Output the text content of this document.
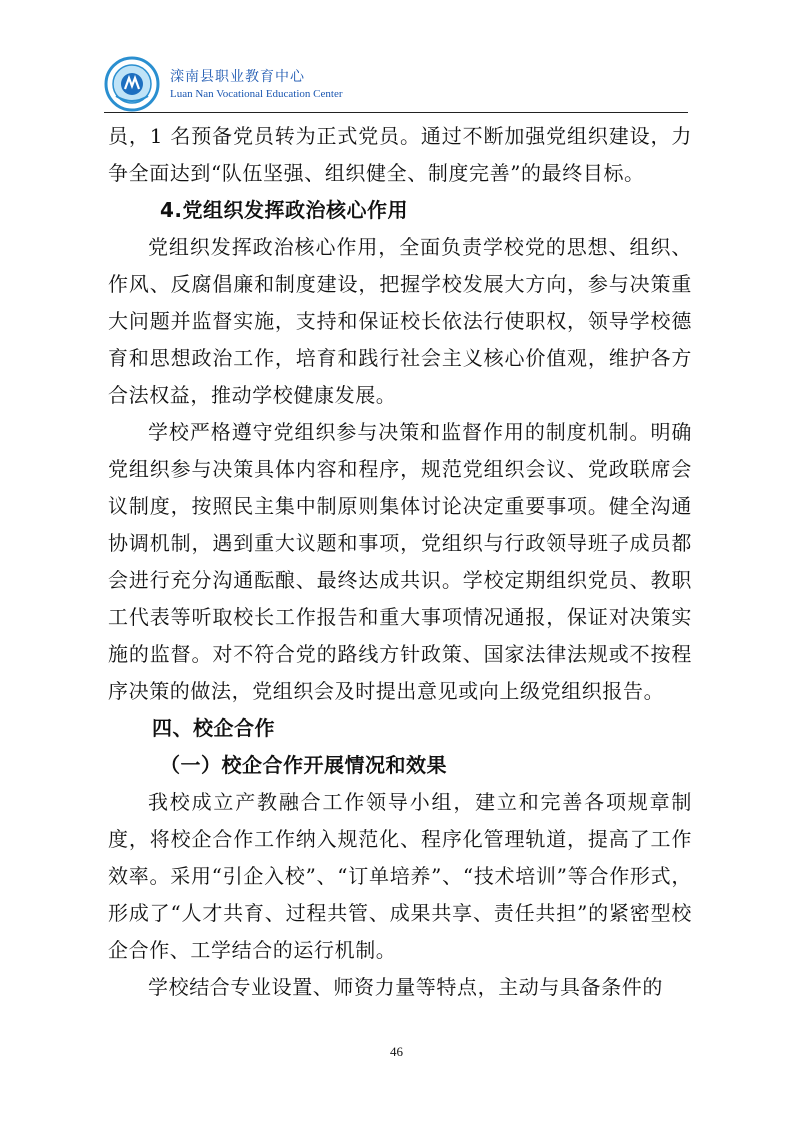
滦南县职业教育中心
Luan Nan Vocational Education Center

员，1 名预备党员转为正式党员。通过不断加强党组织建设，力争全面达到“队伍坚强、组织健全、制度完善”的最终目标。

4.党组织发挥政治核心作用

党组织发挥政治核心作用，全面负责学校党的思想、组织、作风、反腐倡廉和制度建设，把握学校发展大方向，参与决策重大问题并监督实施，支持和保证校长依法行使职权，领导学校德育和思想政治工作，培育和践行社会主义核心价值观，维护各方合法权益，推动学校健康发展。

学校严格遵守党组织参与决策和监督作用的制度机制。明确党组织参与决策具体内容和程序，规范党组织会议、党政联席会议制度，按照民主集中制原则集体讨论决定重要事项。健全沟通协调机制，遇到重大议题和事项，党组织与行政领导班子成员都会进行充分沟通酝酿、最终达成共识。学校定期组织党员、教职工代表等听取校长工作报告和重大事项情况通报，保证对决策实施的监督。对不符合党的路线方针政策、国家法律法规或不按程序决策的做法，党组织会及时提出意见或向上级党组织报告。

四、校企合作

（一）校企合作开展情况和效果

我校成立产教融合工作领导小组，建立和完善各项规章制度，将校企合作工作纳入规范化、程序化管理轨道，提高了工作效率。采用“引企入校”、“订单培养”、“技术培训”等合作形式，形成了“人才共育、过程共管、成果共享、责任共担”的紧密型校企合作、工学结合的运行机制。

学校结合专业设置、师资力量等特点，主动与具备条件的

46
